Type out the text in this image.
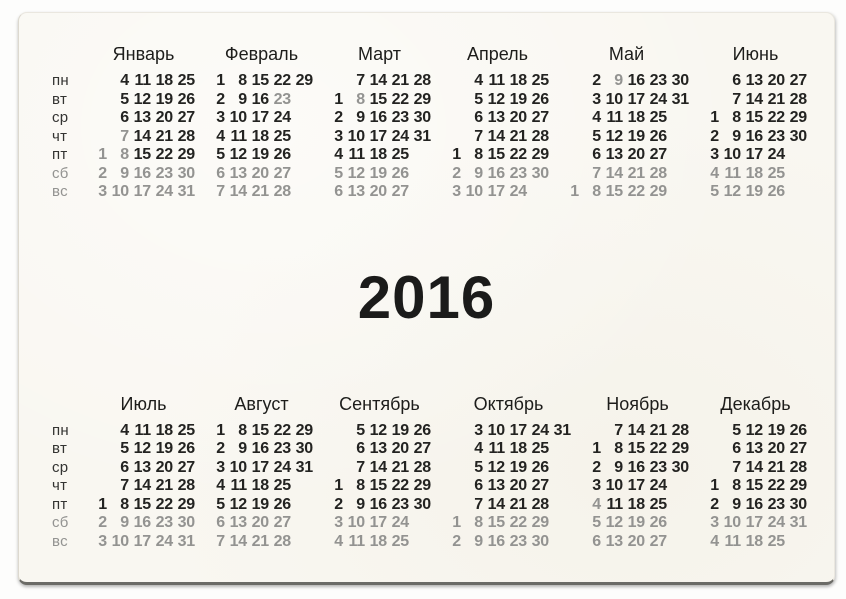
пн
вт
ср
чт
пт
сб
вс
Январь
4 11 18 25
5 12 19 26
6 13 20 27
7 14 21 28
1 8 15 22 29
2 9 16 23 30
3 10 17 24 31
Февраль
1 8 15 22 29
2 9 16 23
3 10 17 24
4 11 18 25
5 12 19 26
6 13 20 27
7 14 21 28
Март
7 14 21 28
1 8 15 22 29
2 9 16 23 30
3 10 17 24 31
4 11 18 25
5 12 19 26
6 13 20 27
Апрель
4 11 18 25
5 12 19 26
6 13 20 27
7 14 21 28
1 8 15 22 29
2 9 16 23 30
3 10 17 24
Май
2 9 16 23 30
3 10 17 24 31
4 11 18 25
5 12 19 26
6 13 20 27
7 14 21 28
1 8 15 22 29
Июнь
6 13 20 27
7 14 21 28
1 8 15 22 29
2 9 16 23 30
3 10 17 24
4 11 18 25
5 12 19 26
2016
пн
вт
ср
чт
пт
сб
вс
Июль
4 11 18 25
5 12 19 26
6 13 20 27
7 14 21 28
1 8 15 22 29
2 9 16 23 30
3 10 17 24 31
Август
1 8 15 22 29
2 9 16 23 30
3 10 17 24 31
4 11 18 25
5 12 19 26
6 13 20 27
7 14 21 28
Сентябрь
5 12 19 26
6 13 20 27
7 14 21 28
1 8 15 22 29
2 9 16 23 30
3 10 17 24
4 11 18 25
Октябрь
3 10 17 24 31
4 11 18 25
5 12 19 26
6 13 20 27
7 14 21 28
1 8 15 22 29
2 9 16 23 30
Ноябрь
7 14 21 28
1 8 15 22 29
2 9 16 23 30
3 10 17 24
4 11 18 25
5 12 19 26
6 13 20 27
Декабрь
5 12 19 26
6 13 20 27
7 14 21 28
1 8 15 22 29
2 9 16 23 30
3 10 17 24 31
4 11 18 25
